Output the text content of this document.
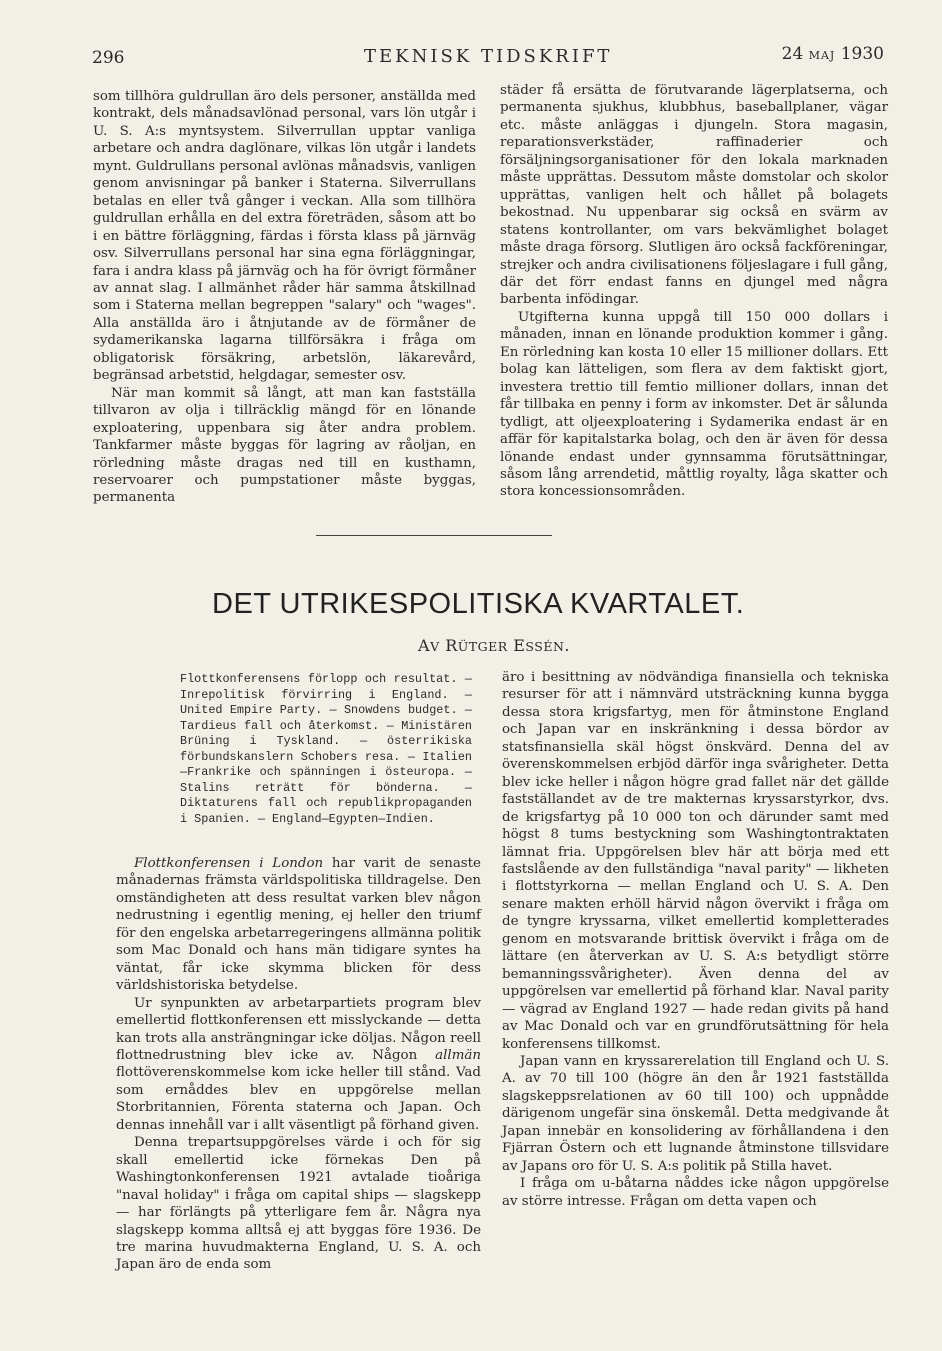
296	TEKNISK TIDSKRIFT	24 MAJ 1930

som tillhöra guldrullan äro dels personer, anställda med kontrakt, dels månadsavlönad personal, vars lön utgår i U. S. A:s myntsystem. Silverrullan upptar vanliga arbetare och andra daglönare, vilkas lön utgår i landets mynt. Guldrullans personal avlönas månadsvis, vanligen genom anvisningar på banker i Staterna. Silverrullans betalas en eller två gånger i veckan. Alla som tillhöra guldrullan erhålla en del extra företräden, såsom att bo i en bättre förläggning, färdas i första klass på järnväg osv. Silverrullans personal har sina egna förläggningar, fara i andra klass på järnväg och ha för övrigt förmåner av annat slag. I allmänhet råder här samma åtskillnad som i Staterna mellan begreppen "salary" och "wages". Alla anställda äro i åtnjutande av de förmåner de sydamerikanska lagarna tillförsäkra i fråga om obligatorisk försäkring, arbetslön, läkarevård, begränsad arbetstid, helgdagar, semester osv.

När man kommit så långt, att man kan fastställa tillvaron av olja i tillräcklig mängd för en lönande exploatering, uppenbara sig åter andra problem. Tankfarmer måste byggas för lagring av råoljan, en rörledning måste dragas ned till en kusthamn, reservoarer och pumpstationer måste byggas, permanenta

städer få ersätta de förutvarande lägerplatserna, och permanenta sjukhus, klubbhus, baseballplaner, vägar etc. måste anläggas i djungeln. Stora magasin, reparationsverkstäder, raffinaderier och försäljningsorganisationer för den lokala marknaden måste upprättas. Dessutom måste domstolar och skolor upprättas, vanligen helt och hållet på bolagets bekostnad. Nu uppenbarar sig också en svärm av statens kontrollanter, om vars bekvämlighet bolaget måste draga försorg. Slutligen äro också fackföreningar, strejker och andra civilisationens följeslagare i full gång, där det förr endast fanns en djungel med några barbenta infödingar.

Utgifterna kunna uppgå till 150 000 dollars i månaden, innan en lönande produktion kommer i gång. En rörledning kan kosta 10 eller 15 millioner dollars. Ett bolag kan lätteligen, som flera av dem faktiskt gjort, investera trettio till femtio millioner dollars, innan det får tillbaka en penny i form av inkomster. Det är sålunda tydligt, att oljeexploatering i Sydamerika endast är en affär för kapitalstarka bolag, och den är även för dessa lönande endast under gynnsamma förutsättningar, såsom lång arrendetid, måttlig royalty, låga skatter och stora koncessionsområden.

DET UTRIKESPOLITISKA KVARTALET.
AV RÜTGER ESSÉN.
Flottkonferensens förlopp och resultat. — Inrepolitisk förvirring i England. — United Empire Party. — Snowdens budget. — Tardieus fall och återkomst. — Ministären Brüning i Tyskland. — österrikiska förbundskanslern Schobers resa. — Italien—Frankrike och spänningen i östeuropa. — Stalins reträtt för bönderna. — Diktaturens fall och republikpropaganden i Spanien. — England—Egypten—Indien.

Flottkonferensen i London har varit de senaste månadernas främsta världspolitiska tilldragelse. Den omständigheten att dess resultat varken blev någon nedrustning i egentlig mening, ej heller den triumf för den engelska arbetarregeringens allmänna politik som Mac Donald och hans män tidigare syntes ha väntat, får icke skymma blicken för dess världshistoriska betydelse.

Ur synpunkten av arbetarpartiets program blev emellertid flottkonferensen ett misslyckande — detta kan trots alla ansträngningar icke döljas. Någon reell flottnedrustning blev icke av. Någon allmän flottöverenskommelse kom icke heller till stånd. Vad som ernåddes blev en uppgörelse mellan Storbritannien, Förenta staterna och Japan. Och dennas innehåll var i allt väsentligt på förhand given.

Denna trepartsuppgörelses värde i och för sig skall emellertid icke förnekas Den på Washingtonkonferensen 1921 avtalade tioåriga "naval holiday" i fråga om capital ships — slagskepp — har förlängts på ytterligare fem år. Några nya slagskepp komma alltså ej att byggas före 1936. De tre marina huvudmakterna England, U. S. A. och Japan äro de enda som

äro i besittning av nödvändiga finansiella och tekniska resurser för att i nämnvärd utsträckning kunna bygga dessa stora krigsfartyg, men för åtminstone England och Japan var en inskränkning i dessa bördor av statsfinansiella skäl högst önskvärd. Denna del av överenskommelsen erbjöd därför inga svårigheter. Detta blev icke heller i någon högre grad fallet när det gällde fastställandet av de tre makternas kryssarstyrkor, dvs. de krigsfartyg på 10 000 ton och därunder samt med högst 8 tums bestyckning som Washingtontraktaten lämnat fria. Uppgörelsen blev här att börja med ett fastslående av den fullständiga "naval parity" — likheten i flottstyrkorna — mellan England och U. S. A. Den senare makten erhöll härvid någon övervikt i fråga om de tyngre kryssarna, vilket emellertid kompletterades genom en motsvarande brittisk övervikt i fråga om de lättare (en återverkan av U. S. A:s betydligt större bemanningssvårigheter). Även denna del av uppgörelsen var emellertid på förhand klar. Naval parity — vägrad av England 1927 — hade redan givits på hand av Mac Donald och var en grundförutsättning för hela konferensens tillkomst.

Japan vann en kryssarerelation till England och U. S. A. av 70 till 100 (högre än den år 1921 fastställda slagskeppsrelationen av 60 till 100) och uppnådde därigenom ungefär sina önskemål. Detta medgivande åt Japan innebär en konsolidering av förhållandena i den Fjärran Östern och ett lugnande åtminstone tillsvidare av Japans oro för U. S. A:s politik på Stilla havet.

I fråga om u-båtarna nåddes icke någon uppgörelse av större intresse. Frågan om detta vapen och
